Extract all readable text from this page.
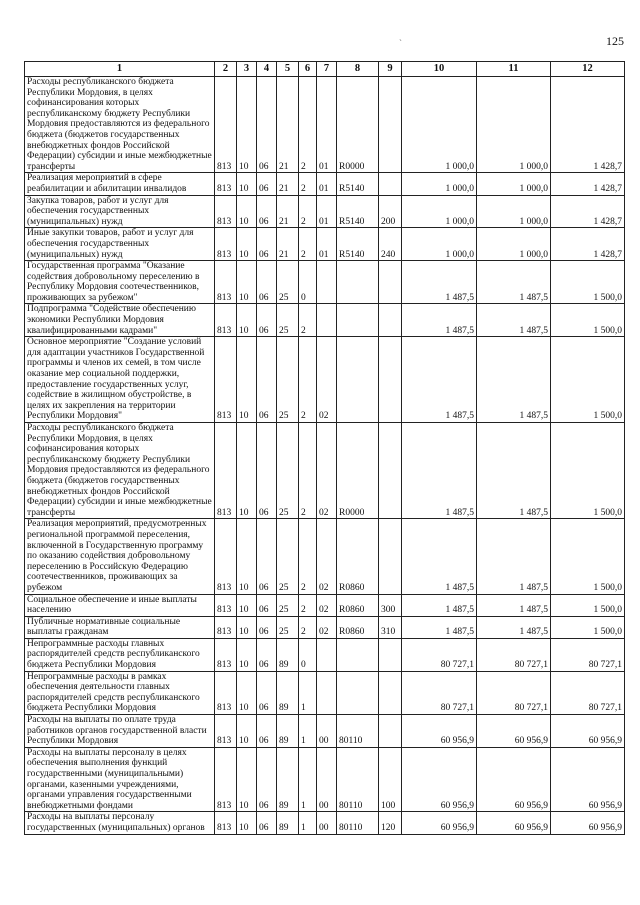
125
`
1	2	3	4	5	6	7	8	9	10	11	12
Расходы республиканского бюджета Республики Мордовия, в целях софинансирования которых республиканскому бюджету Республики Мордовия предоставляются из федерального бюджета (бюджетов государственных внебюджетных фондов Российской Федерации) субсидии и иные межбюджетные трансферты	813	10	06	21	2	01	R0000		1 000,0	1 000,0	1 428,7
Реализация мероприятий в сфере реабилитации и абилитации инвалидов	813	10	06	21	2	01	R5140		1 000,0	1 000,0	1 428,7
Закупка товаров, работ и услуг для обеспечения государственных (муниципальных) нужд	813	10	06	21	2	01	R5140	200	1 000,0	1 000,0	1 428,7
Иные закупки товаров, работ и услуг для обеспечения государственных (муниципальных) нужд	813	10	06	21	2	01	R5140	240	1 000,0	1 000,0	1 428,7
Государственная программа "Оказание содействия добровольному переселению в Республику Мордовия соотечественников, проживающих за рубежом"	813	10	06	25	0				1 487,5	1 487,5	1 500,0
Подпрограмма "Содействие обеспечению экономики Республики Мордовия квалифицированными кадрами"	813	10	06	25	2				1 487,5	1 487,5	1 500,0
Основное мероприятие "Создание условий для адаптации участников Государственной программы и членов их семей, в том числе оказание мер социальной поддержки, предоставление государственных услуг, содействие в жилищном обустройстве, в целях их закрепления на территории Республики Мордовия"	813	10	06	25	2	02			1 487,5	1 487,5	1 500,0
Расходы республиканского бюджета Республики Мордовия, в целях софинансирования которых республиканскому бюджету Республики Мордовия предоставляются из федерального бюджета (бюджетов государственных внебюджетных фондов Российской Федерации) субсидии и иные межбюджетные трансферты	813	10	06	25	2	02	R0000		1 487,5	1 487,5	1 500,0
Реализация мероприятий, предусмотренных региональной программой переселения, включенной в Государственную программу по оказанию содействия добровольному переселению в Российскую Федерацию соотечественников, проживающих за рубежом	813	10	06	25	2	02	R0860		1 487,5	1 487,5	1 500,0
Социальное обеспечение и иные выплаты населению	813	10	06	25	2	02	R0860	300	1 487,5	1 487,5	1 500,0
Публичные нормативные социальные выплаты гражданам	813	10	06	25	2	02	R0860	310	1 487,5	1 487,5	1 500,0
Непрограммные расходы главных распорядителей средств республиканского бюджета Республики Мордовия	813	10	06	89	0				80 727,1	80 727,1	80 727,1
Непрограммные расходы в рамках обеспечения деятельности главных распорядителей средств республиканского бюджета Республики Мордовия	813	10	06	89	1				80 727,1	80 727,1	80 727,1
Расходы на выплаты по оплате труда работников органов государственной власти Республики Мордовия	813	10	06	89	1	00	80110		60 956,9	60 956,9	60 956,9
Расходы на выплаты персоналу в целях обеспечения выполнения функций государственными (муниципальными) органами, казенными учреждениями, органами управления государственными внебюджетными фондами	813	10	06	89	1	00	80110	100	60 956,9	60 956,9	60 956,9
Расходы на выплаты персоналу государственных (муниципальных) органов	813	10	06	89	1	00	80110	120	60 956,9	60 956,9	60 956,9
